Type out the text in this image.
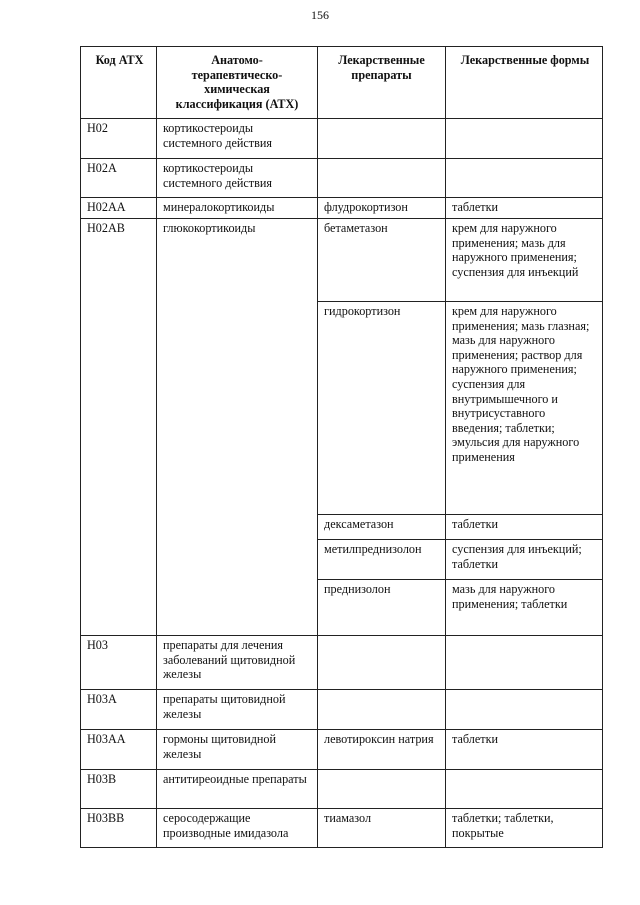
156
Код АТХ	Анатомо-терапевтическо-химическая классификация (АТХ)	Лекарственные препараты	Лекарственные формы
H02	кортикостероиды системного действия		
H02A	кортикостероиды системного действия		
H02AA	минералокортикоиды	флудрокортизон	таблетки
H02AB	глюкокортикоиды	бетаметазон	крем для наружного применения; мазь для наружного применения; суспензия для инъекций
		гидрокортизон	крем для наружного применения; мазь глазная; мазь для наружного применения; раствор для наружного применения; суспензия для внутримышечного и внутрисуставного введения; таблетки; эмульсия для наружного применения
		дексаметазон	таблетки
		метилпреднизолон	суспензия для инъекций; таблетки
		преднизолон	мазь для наружного применения; таблетки
H03	препараты для лечения заболеваний щитовидной железы		
H03A	препараты щитовидной железы		
H03AA	гормоны щитовидной железы	левотироксин натрия	таблетки
H03B	антитиреоидные препараты		
H03BB	серосодержащие производные имидазола	тиамазол	таблетки; таблетки, покрытые
